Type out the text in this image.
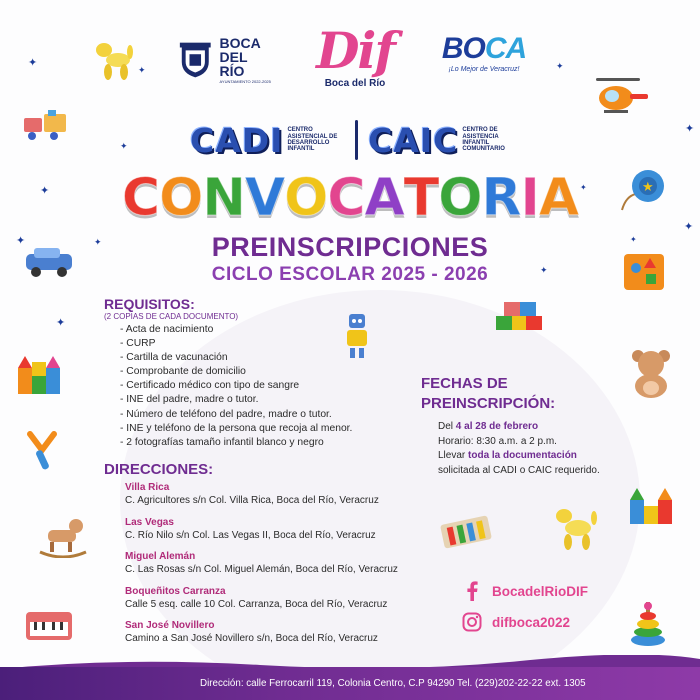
✦
✦	✦
✦
✦
✦	✦
✦
✦
✦
✦
✦
✦
★
BOCA
DEL RÍO
AYUNTAMIENTO 2022-2025
Dif
Boca del Río
BOCA
¡Lo Mejor de Veracruz!
CADI CENTRO ASISTENCIAL DE DESARROLLO INFANTIL	CAIC CENTRO DE ASISTENCIA INFANTIL COMUNITARIO
C O N V O C A T O R I A
PREINSCRIPCIONES
CICLO ESCOLAR 2025 - 2026
REQUISITOS:
(2 COPIAS DE CADA DOCUMENTO)
- Acta de nacimiento
- CURP
- Cartilla de vacunación
- Comprobante de domicilio
- Certificado médico con tipo de sangre
- INE del padre, madre o tutor.
- Número de teléfono del padre, madre o tutor.
- INE y teléfono de la persona que recoja al menor.
- 2 fotografías tamaño infantil blanco y negro
DIRECCIONES:
Villa Rica
C. Agricultores s/n Col. Villa Rica, Boca del Río, Veracruz
Las Vegas
C. Río Nilo s/n Col. Las Vegas II, Boca del Río, Veracruz
Miguel Alemán
C. Las Rosas s/n Col. Miguel Alemán, Boca del Río, Veracruz
Boqueñitos Carranza
Calle 5 esq. calle 10 Col. Carranza, Boca del Río, Veracruz
San José Novillero
Camino a San José Novillero s/n, Boca del Río, Veracruz
FECHAS DE
PREINSCRIPCIÓN:
Del 4 al 28 de febrero
Horario: 8:30 a.m. a 2 p.m.
Llevar toda la documentación
solicitada al CADI o CAIC requerido.
BocadelRioDIF
difboca2022
Dirección: calle Ferrocarril 119, Colonia Centro, C.P 94290 Tel. (229)202-22-22 ext. 1305
